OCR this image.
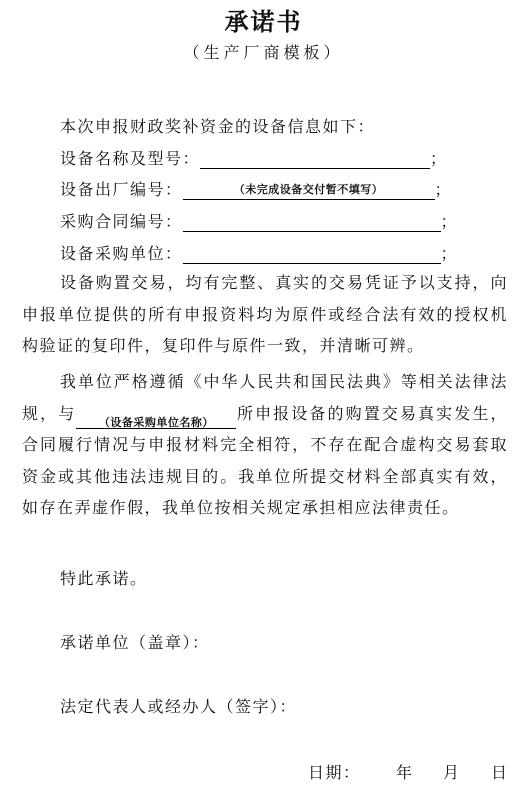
承诺书
（生产厂商模板）
本次申报财政奖补资金的设备信息如下：
设备名称及型号：	；
设备出厂编号：	（未完成设备交付暂不填写）	；
采购合同编号：	；
设备采购单位：	；
设备购置交易，均有完整、真实的交易凭证予以支持，向申报单位提供的所有申报资料均为原件或经合法有效的授权机构验证的复印件，复印件与原件一致，并清晰可辨。
我单位严格遵循《中华人民共和国民法典》等相关法律法规，与 （设备采购单位名称） 所申报设备的购置交易真实发生，合同履行情况与申报材料完全相符，不存在配合虚构交易套取资金或其他违法违规目的。我单位所提交材料全部真实有效，如存在弄虚作假，我单位按相关规定承担相应法律责任。
特此承诺。
承诺单位（盖章）：
法定代表人或经办人（签字）：
日期： 年 月 日
